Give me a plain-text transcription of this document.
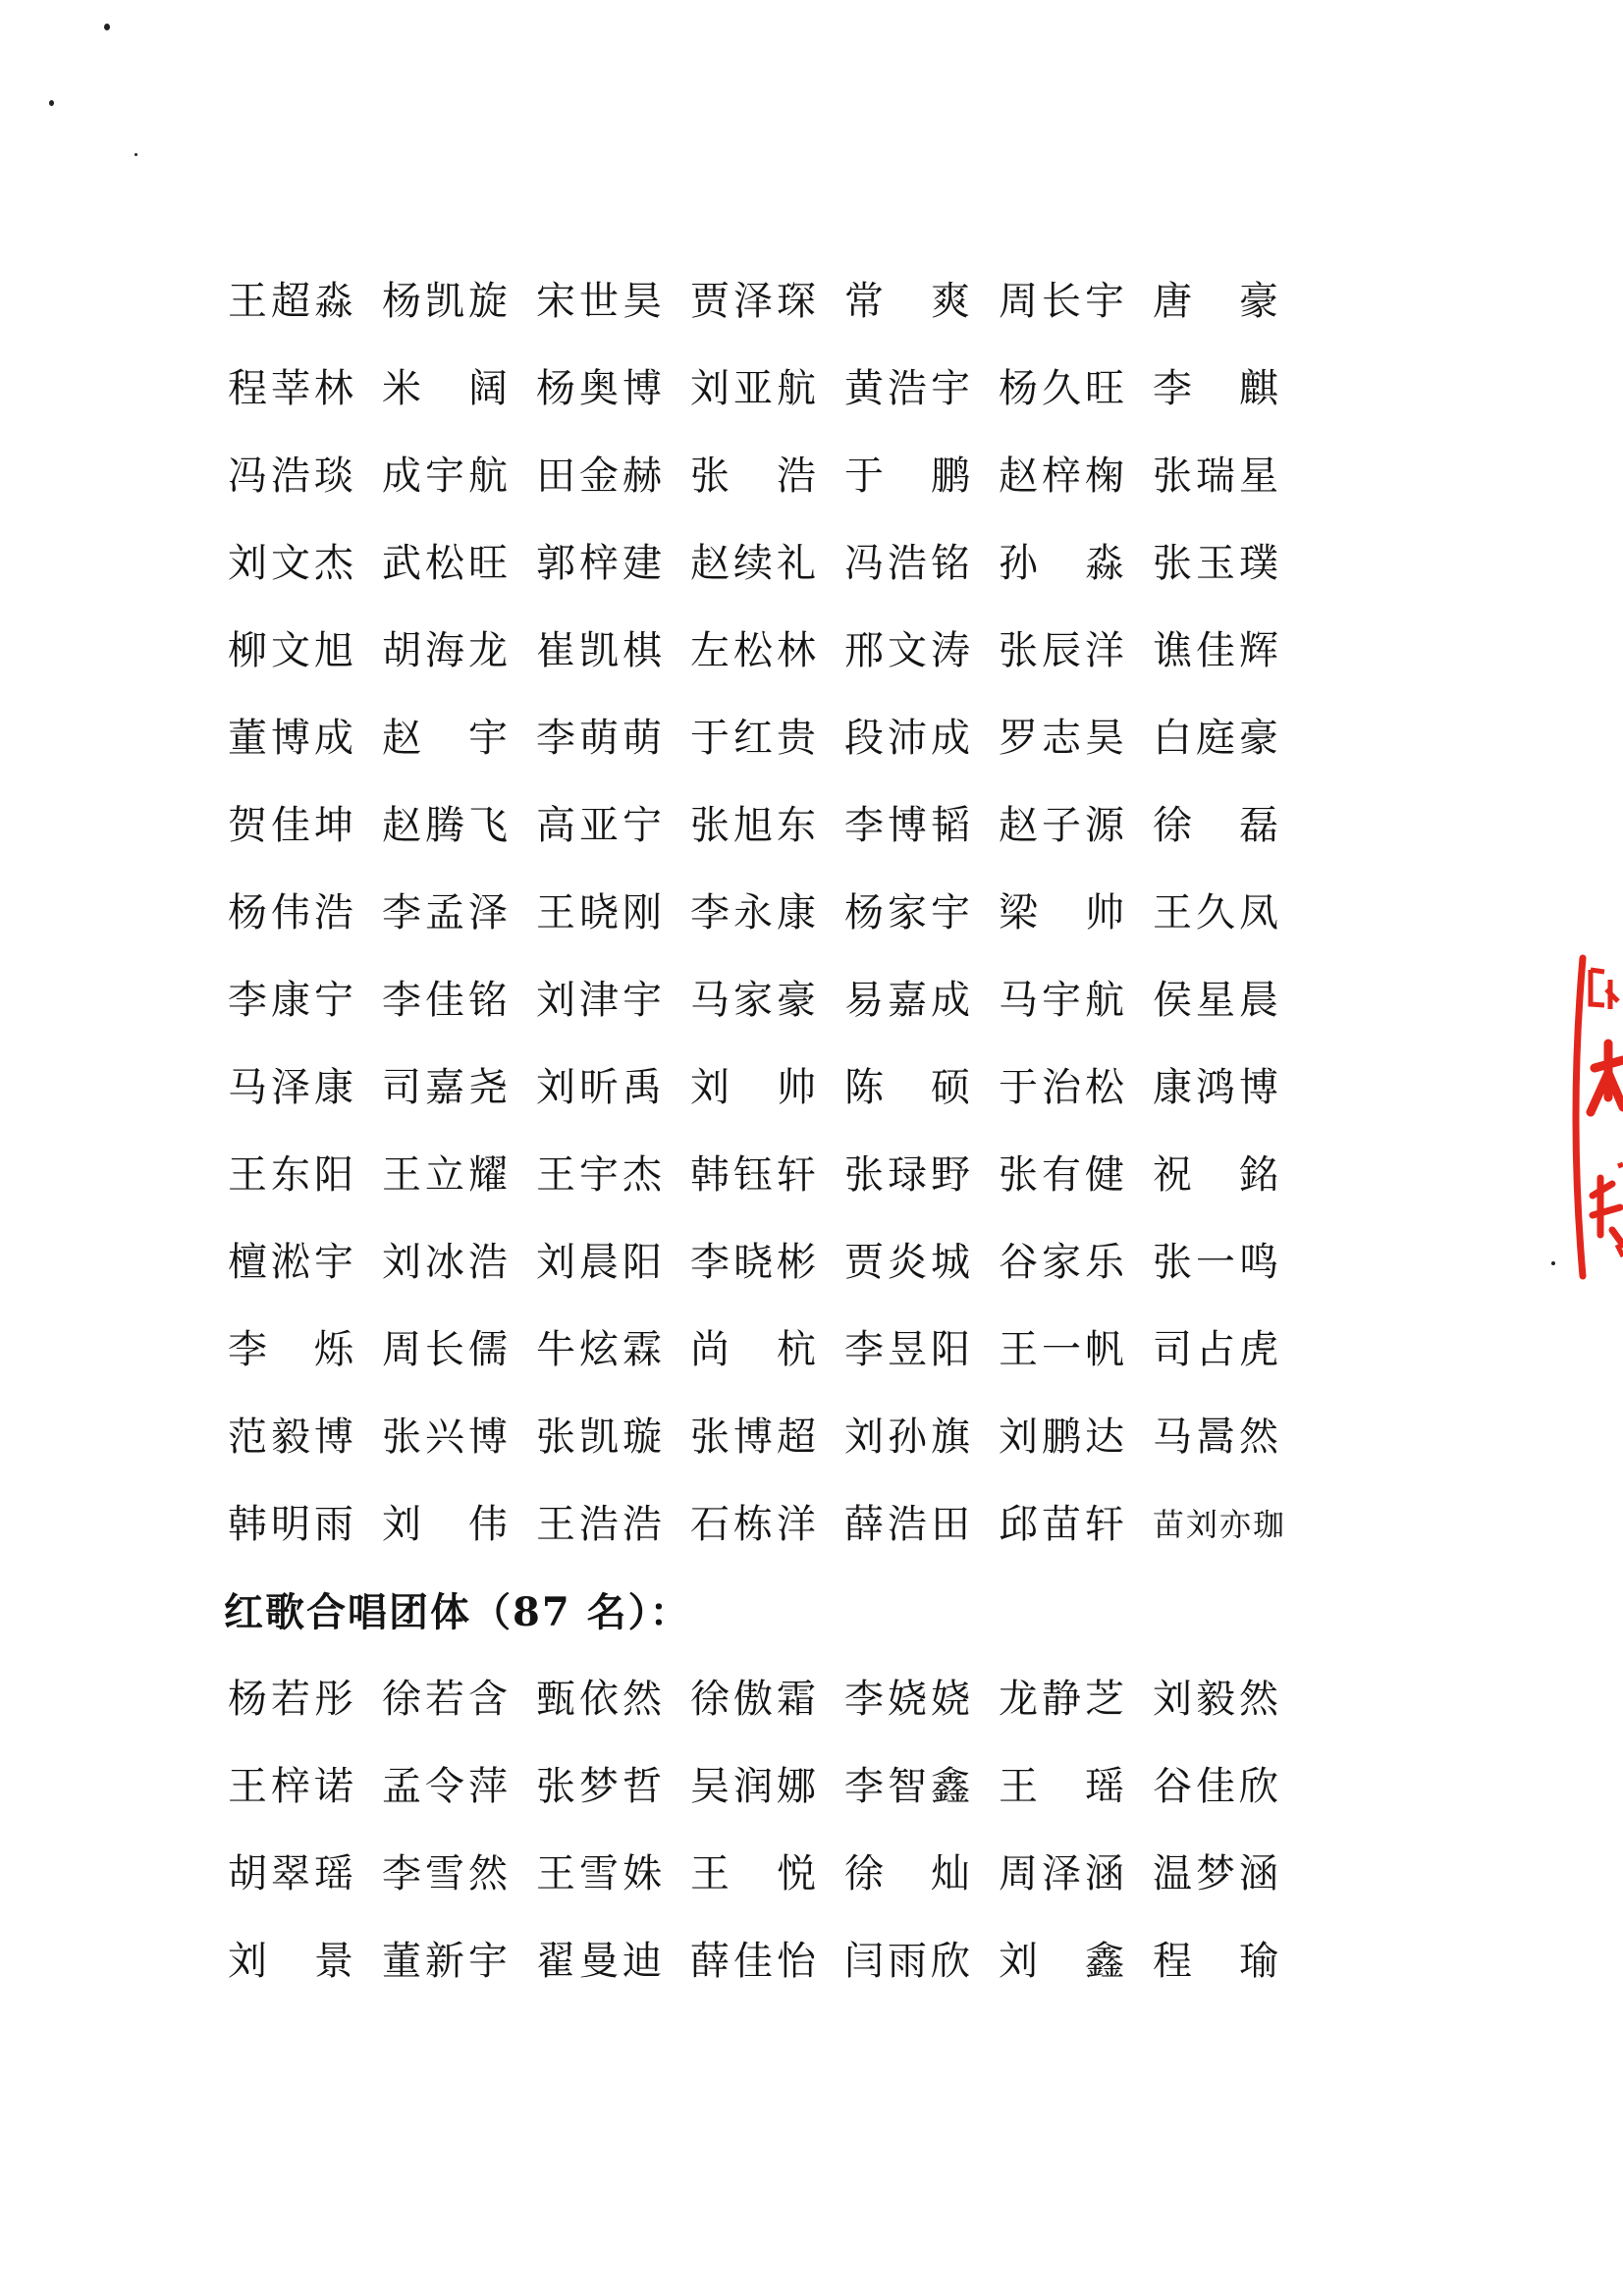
王超淼 杨凯旋 宋世昊 贾泽琛 常　爽 周长宇 唐　豪
程莘林 米　阔 杨奥博 刘亚航 黄浩宇 杨久旺 李　麒
冯浩琰 成宇航 田金赫 张　浩 于　鹏 赵梓椈 张瑞星
刘文杰 武松旺 郭梓建 赵续礼 冯浩铭 孙　淼 张玉璞
柳文旭 胡海龙 崔凯棋 左松林 邢文涛 张辰洋 谯佳辉
董博成 赵　宇 李萌萌 于红贵 段沛成 罗志昊 白庭豪
贺佳坤 赵腾飞 高亚宁 张旭东 李博韬 赵子源 徐　磊
杨伟浩 李孟泽 王晓刚 李永康 杨家宇 梁　帅 王久凤
李康宁 李佳铭 刘津宇 马家豪 易嘉成 马宇航 侯星晨
马泽康 司嘉尧 刘昕禹 刘　帅 陈　硕 于治松 康鸿博
王东阳 王立耀 王宇杰 韩钰轩 张琭野 张有健 祝　銘
檀淞宇 刘冰浩 刘晨阳 李晓彬 贾炎城 谷家乐 张一鸣
李　烁 周长儒 牛炫霖 尚　杭 李昱阳 王一帆 司占虎
范毅博 张兴博 张凯璇 张博超 刘孙旗 刘鹏达 马暠然
韩明雨 刘　伟 王浩浩 石栋洋 薛浩田 邱苗轩 苗刘亦珈
红歌合唱团体（87 名）：
杨若彤 徐若含 甄依然 徐傲霜 李娆娆 龙静芝 刘毅然
王梓诺 孟令萍 张梦哲 吴润娜 李智鑫 王　瑶 谷佳欣
胡翠瑶 李雪然 王雪姝 王　悦 徐　灿 周泽涵 温梦涵
刘　景 董新宇 翟曼迪 薛佳怡 闫雨欣 刘　鑫 程　瑜
